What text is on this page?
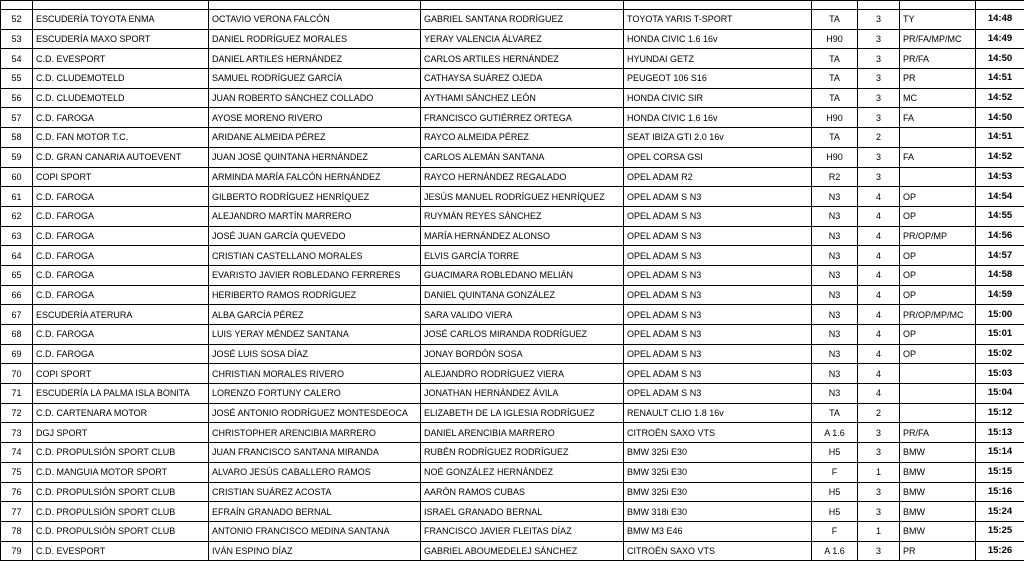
52	ESCUDERÍA TOYOTA ENMA	OCTAVIO VERONA FALCÓN	GABRIEL SANTANA RODRÍGUEZ	TOYOTA YARIS T-SPORT	TA	3	TY	14:48
53	ESCUDERÍA MAXO SPORT	DANIEL RODRÍGUEZ MORALES	YERAY VALENCIA ÁLVAREZ	HONDA CIVIC 1.6 16v	H90	3	PR/FA/MP/MC	14:49
54	C.D. EVESPORT	DANIEL ARTILES HERNÁNDEZ	CARLOS ARTILES HERNÁNDEZ	HYUNDAI GETZ	TA	3	PR/FA	14:50
55	C.D. CLUDEMOTELD	SAMUEL RODRÍGUEZ GARCÍA	CATHAYSA SUÁREZ OJEDA	PEUGEOT 106 S16	TA	3	PR	14:51
56	C.D. CLUDEMOTELD	JUAN ROBERTO SÁNCHEZ COLLADO	AYTHAMI SÁNCHEZ LEÓN	HONDA CIVIC SIR	TA	3	MC	14:52
57	C.D. FAROGA	AYOSE MORENO RIVERO	FRANCISCO GUTIÉRREZ ORTEGA	HONDA CIVIC 1.6 16v	H90	3	FA	14:50
58	C.D. FAN MOTOR T.C.	ARIDANE ALMEIDA PÉREZ	RAYCO ALMEIDA PÉREZ	SEAT IBIZA GTI 2.0 16v	TA	2		14:51
59	C.D. GRAN CANARIA AUTOEVENT	JUAN JOSÉ QUINTANA HERNÁNDEZ	CARLOS ALEMÁN SANTANA	OPEL CORSA GSI	H90	3	FA	14:52
60	COPI SPORT	ARMINDA MARÍA FALCÓN HERNÁNDEZ	RAYCO HERNÁNDEZ REGALADO	OPEL ADAM R2	R2	3		14:53
61	C.D. FAROGA	GILBERTO RODRÍGUEZ HENRÍQUEZ	JESÚS MANUEL RODRÍGUEZ HENRÍQUEZ	OPEL ADAM S N3	N3	4	OP	14:54
62	C.D. FAROGA	ALEJANDRO MARTÍN MARRERO	RUYMÁN REYES SÁNCHEZ	OPEL ADAM S N3	N3	4	OP	14:55
63	C.D. FAROGA	JOSÉ JUAN GARCÍA QUEVEDO	MARÍA HERNÁNDEZ ALONSO	OPEL ADAM S N3	N3	4	PR/OP/MP	14:56
64	C.D. FAROGA	CRISTIAN CASTELLANO MORALES	ELVIS GARCÍA TORRE	OPEL ADAM S N3	N3	4	OP	14:57
65	C.D. FAROGA	EVARISTO JAVIER ROBLEDANO FERRERES	GUACIMARA ROBLEDANO MELIÁN	OPEL ADAM S N3	N3	4	OP	14:58
66	C.D. FAROGA	HERIBERTO RAMOS RODRÍGUEZ	DANIEL QUINTANA GONZÁLEZ	OPEL ADAM S N3	N3	4	OP	14:59
67	ESCUDERÍA ATERURA	ALBA GARCÍA PÉREZ	SARA VALIDO VIERA	OPEL ADAM S N3	N3	4	PR/OP/MP/MC	15:00
68	C.D. FAROGA	LUIS YERAY MÉNDEZ SANTANA	JOSÉ CARLOS MIRANDA RODRÍGUEZ	OPEL ADAM S N3	N3	4	OP	15:01
69	C.D. FAROGA	JOSÉ LUIS SOSA DÍAZ	JONAY BORDÓN SOSA	OPEL ADAM S N3	N3	4	OP	15:02
70	COPI SPORT	CHRISTIAN MORALES RIVERO	ALEJANDRO RODRÍGUEZ VIERA	OPEL ADAM S N3	N3	4		15:03
71	ESCUDERÍA LA PALMA ISLA BONITA	LORENZO FORTUNY CALERO	JONATHAN HERNÁNDEZ ÁVILA	OPEL ADAM S N3	N3	4		15:04
72	C.D. CARTENARA MOTOR	JOSÉ ANTONIO RODRÍGUEZ MONTESDEOCA	ELIZABETH DE LA IGLESIA RODRÍGUEZ	RENAULT CLIO 1.8 16v	TA	2		15:12
73	DGJ SPORT	CHRISTOPHER ARENCIBIA MARRERO	DANIEL ARENCIBIA MARRERO	CITROËN SAXO VTS	A 1.6	3	PR/FA	15:13
74	C.D. PROPULSIÓN SPORT CLUB	JUAN FRANCISCO SANTANA MIRANDA	RUBÉN RODRÍGUEZ RODRÍGUEZ	BMW 325i E30	H5	3	BMW	15:14
75	C.D. MANGUIA MOTOR SPORT	ALVARO JESÚS CABALLERO RAMOS	NOÉ GONZÁLEZ HERNÁNDEZ	BMW 325i E30	F	1	BMW	15:15
76	C.D. PROPULSIÓN SPORT CLUB	CRISTIAN SUÁREZ ACOSTA	AARÓN RAMOS CUBAS	BMW 325i E30	H5	3	BMW	15:16
77	C.D. PROPULSIÓN SPORT CLUB	EFRAÍN GRANADO BERNAL	ISRAEL GRANADO BERNAL	BMW 318i E30	H5	3	BMW	15:24
78	C.D. PROPULSIÓN SPORT CLUB	ANTONIO FRANCISCO MEDINA SANTANA	FRANCISCO JAVIER FLEITAS DÍAZ	BMW M3 E46	F	1	BMW	15:25
79	C.D. EVESPORT	IVÁN ESPINO DÍAZ	GABRIEL ABOUMEDELEJ SÁNCHEZ	CITROËN SAXO VTS	A 1.6	3	PR	15:26
